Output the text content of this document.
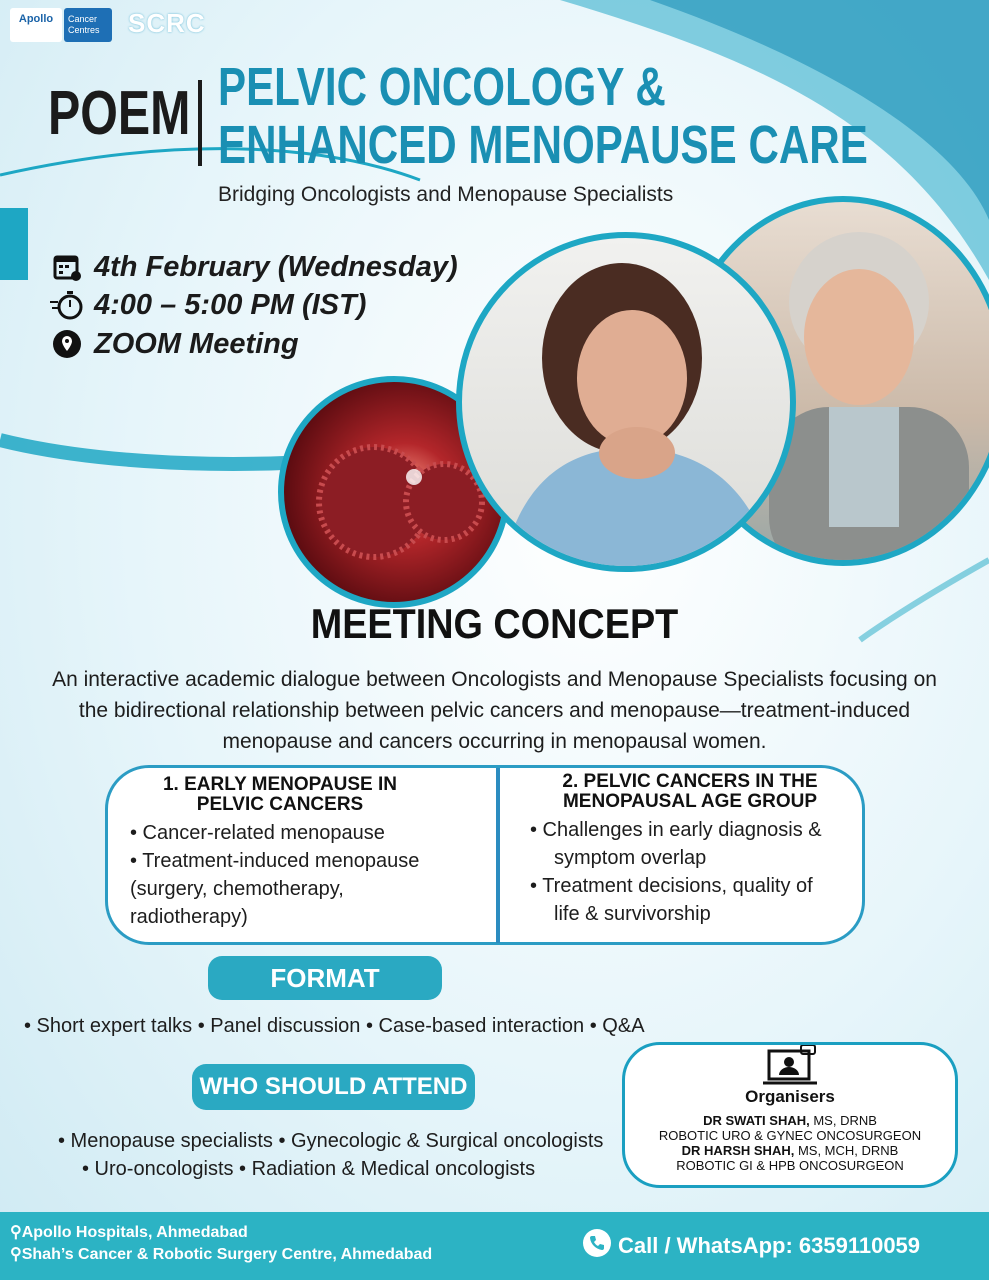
Apollo	Cancer Centres	SCRC
POEM PELVIC ONCOLOGY &
ENHANCED MENOPAUSE CARE
Bridging Oncologists and Menopause Specialists
4th February (Wednesday)
4:00 – 5:00 PM (IST)
ZOOM Meeting
MEETING CONCEPT
An interactive academic dialogue between Oncologists and Menopause Specialists focusing on the bidirectional relationship between pelvic cancers and menopause—treatment-induced menopause and cancers occurring in menopausal women.
1. EARLY MENOPAUSE IN
PELVIC CANCERS
• Cancer-related menopause
• Treatment-induced menopause
(surgery, chemotherapy, radiotherapy)
2. PELVIC CANCERS IN THE
MENOPAUSAL AGE GROUP
• Challenges in early diagnosis &
symptom overlap
• Treatment decisions, quality of
life & survivorship
FORMAT
• Short expert talks • Panel discussion • Case-based interaction • Q&A
WHO SHOULD ATTEND
• Menopause specialists • Gynecologic & Surgical oncologists
• Uro-oncologists • Radiation & Medical oncologists
Organisers
DR SWATI SHAH, MS, DRNB
ROBOTIC URO & GYNEC ONCOSURGEON
DR HARSH SHAH, MS, MCH, DRNB
ROBOTIC GI & HPB ONCOSURGEON
⚲Apollo Hospitals, Ahmedabad
⚲Shah’s Cancer & Robotic Surgery Centre, Ahmedabad	Call / WhatsApp: 6359110059
